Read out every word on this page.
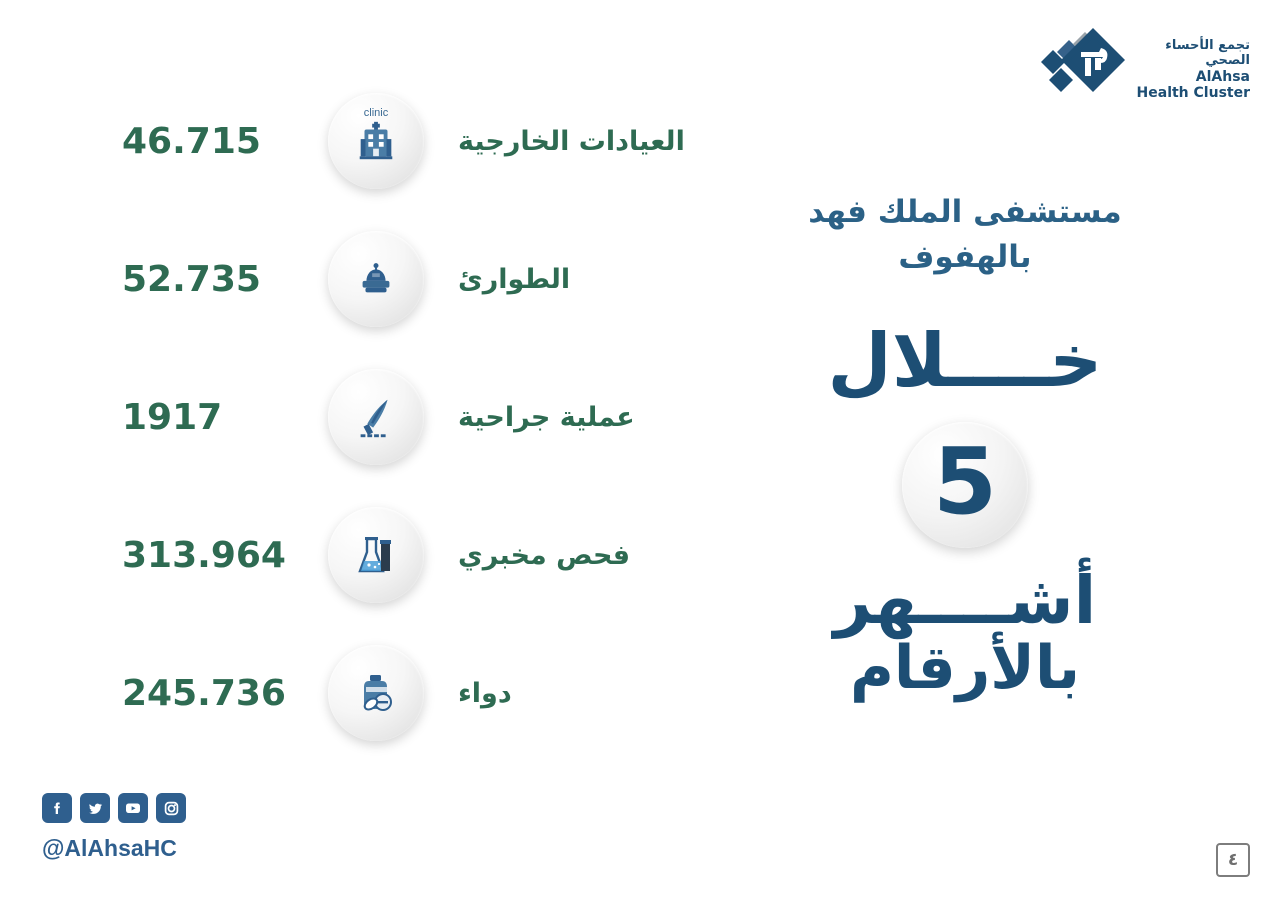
تجمع الأحساء
الصحي
AlAhsa
Health Cluster
مستشفى الملك فهد بالهفوف
خــــلال
5
أشــــهر
بالأرقام
العيادات الخارجية
clinic
46.715
الطوارئ
52.735
عملية جراحية
1917
فحص مخبري
313.964
دواء
245.736
@AlAhsaHC	٤
